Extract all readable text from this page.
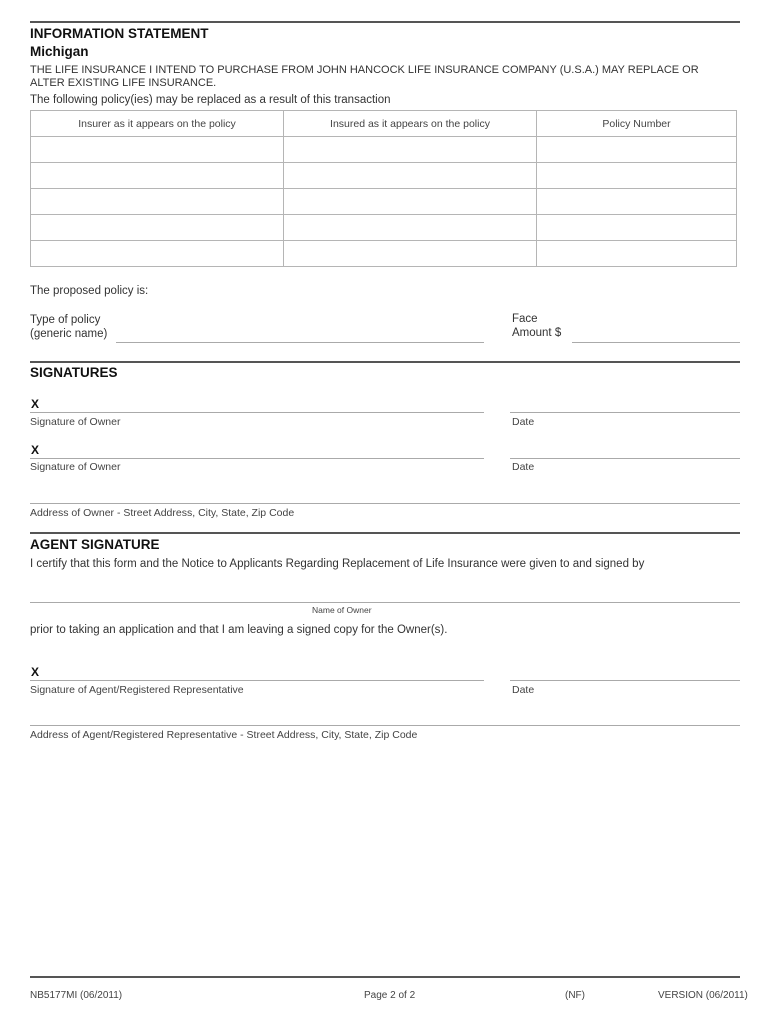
INFORMATION STATEMENT
Michigan
THE LIFE INSURANCE I INTEND TO PURCHASE FROM JOHN HANCOCK LIFE INSURANCE COMPANY (U.S.A.) MAY REPLACE OR
ALTER EXISTING LIFE INSURANCE.
The following policy(ies) may be replaced as a result of this transaction
Insurer as it appears on the policy	Insured as it appears on the policy	Policy Number

The proposed policy is:
Type of policy
(generic name)
Face
Amount $
SIGNATURES
X
Signature of Owner	Date
X
Signature of Owner	Date
Address of Owner - Street Address, City, State, Zip Code
AGENT SIGNATURE
I certify that this form and the Notice to Applicants Regarding Replacement of Life Insurance were given to and signed by
Name of Owner
prior to taking an application and that I am leaving a signed copy for the Owner(s).
X
Signature of Agent/Registered Representative	Date
Address of Agent/Registered Representative - Street Address, City, State, Zip Code
NB5177MI (06/2011)	Page 2 of 2	(NF)	VERSION (06/2011)
